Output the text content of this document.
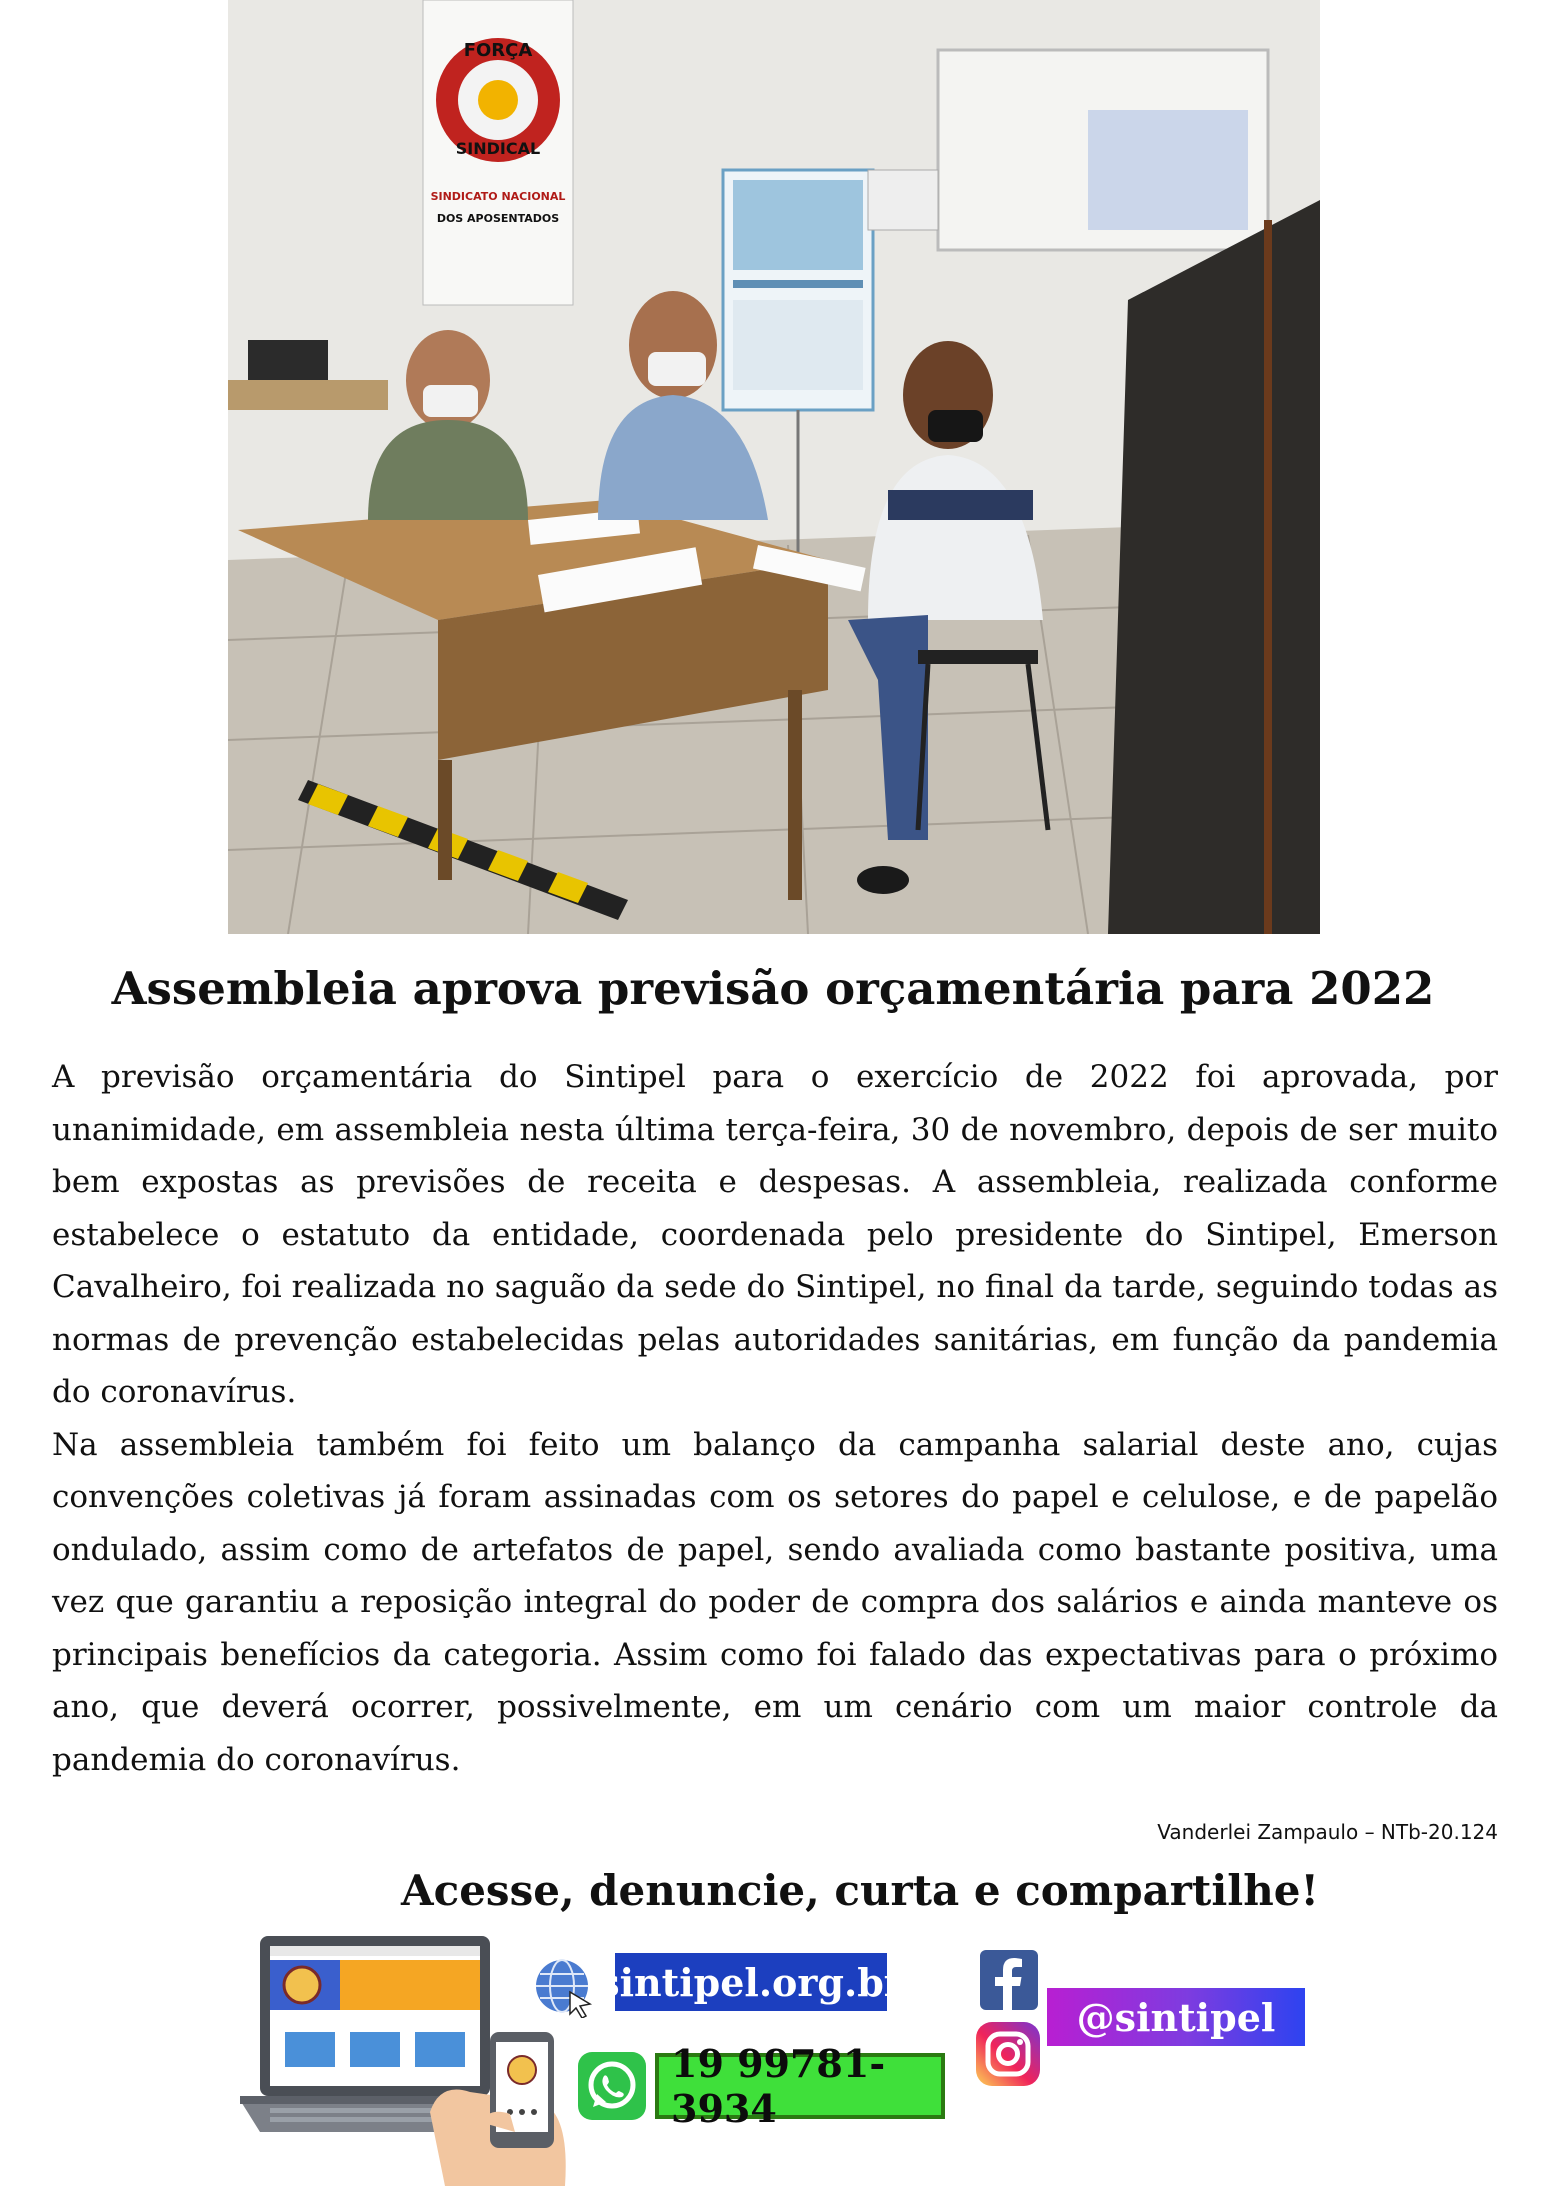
FORÇA
SINDICAL
SINDICATO NACIONAL
DOS APOSENTADOS
Assembleia aprova previsão orçamentária para 2022

A previsão orçamentária do Sintipel para o exercício de 2022 foi aprovada, por unanimidade, em assembleia nesta última terça-feira, 30 de novembro, depois de ser muito bem expostas as previsões de receita e despesas. A assembleia, realizada conforme estabelece o estatuto da entidade, coordenada pelo presidente do Sintipel, Emerson Cavalheiro, foi realizada no saguão da sede do Sintipel, no final da tarde, seguindo todas as normas de prevenção estabelecidas pelas autoridades sanitárias, em função da pandemia do coronavírus.

Na assembleia também foi feito um balanço da campanha salarial deste ano, cujas convenções coletivas já foram assinadas com os setores do papel e celulose, e de papelão ondulado, assim como de artefatos de papel, sendo avaliada como bastante positiva, uma vez que garantiu a reposição integral do poder de compra dos salários e ainda manteve os principais benefícios da categoria. Assim como foi falado das expectativas para o próximo ano, que deverá ocorrer, possivelmente, em um cenário com um maior controle da pandemia do coronavírus.

Vanderlei Zampaulo – NTb-20.124
Acesse, denuncie, curta e compartilhe!
sintipel.org.br
19 99781-3934
@sintipel
